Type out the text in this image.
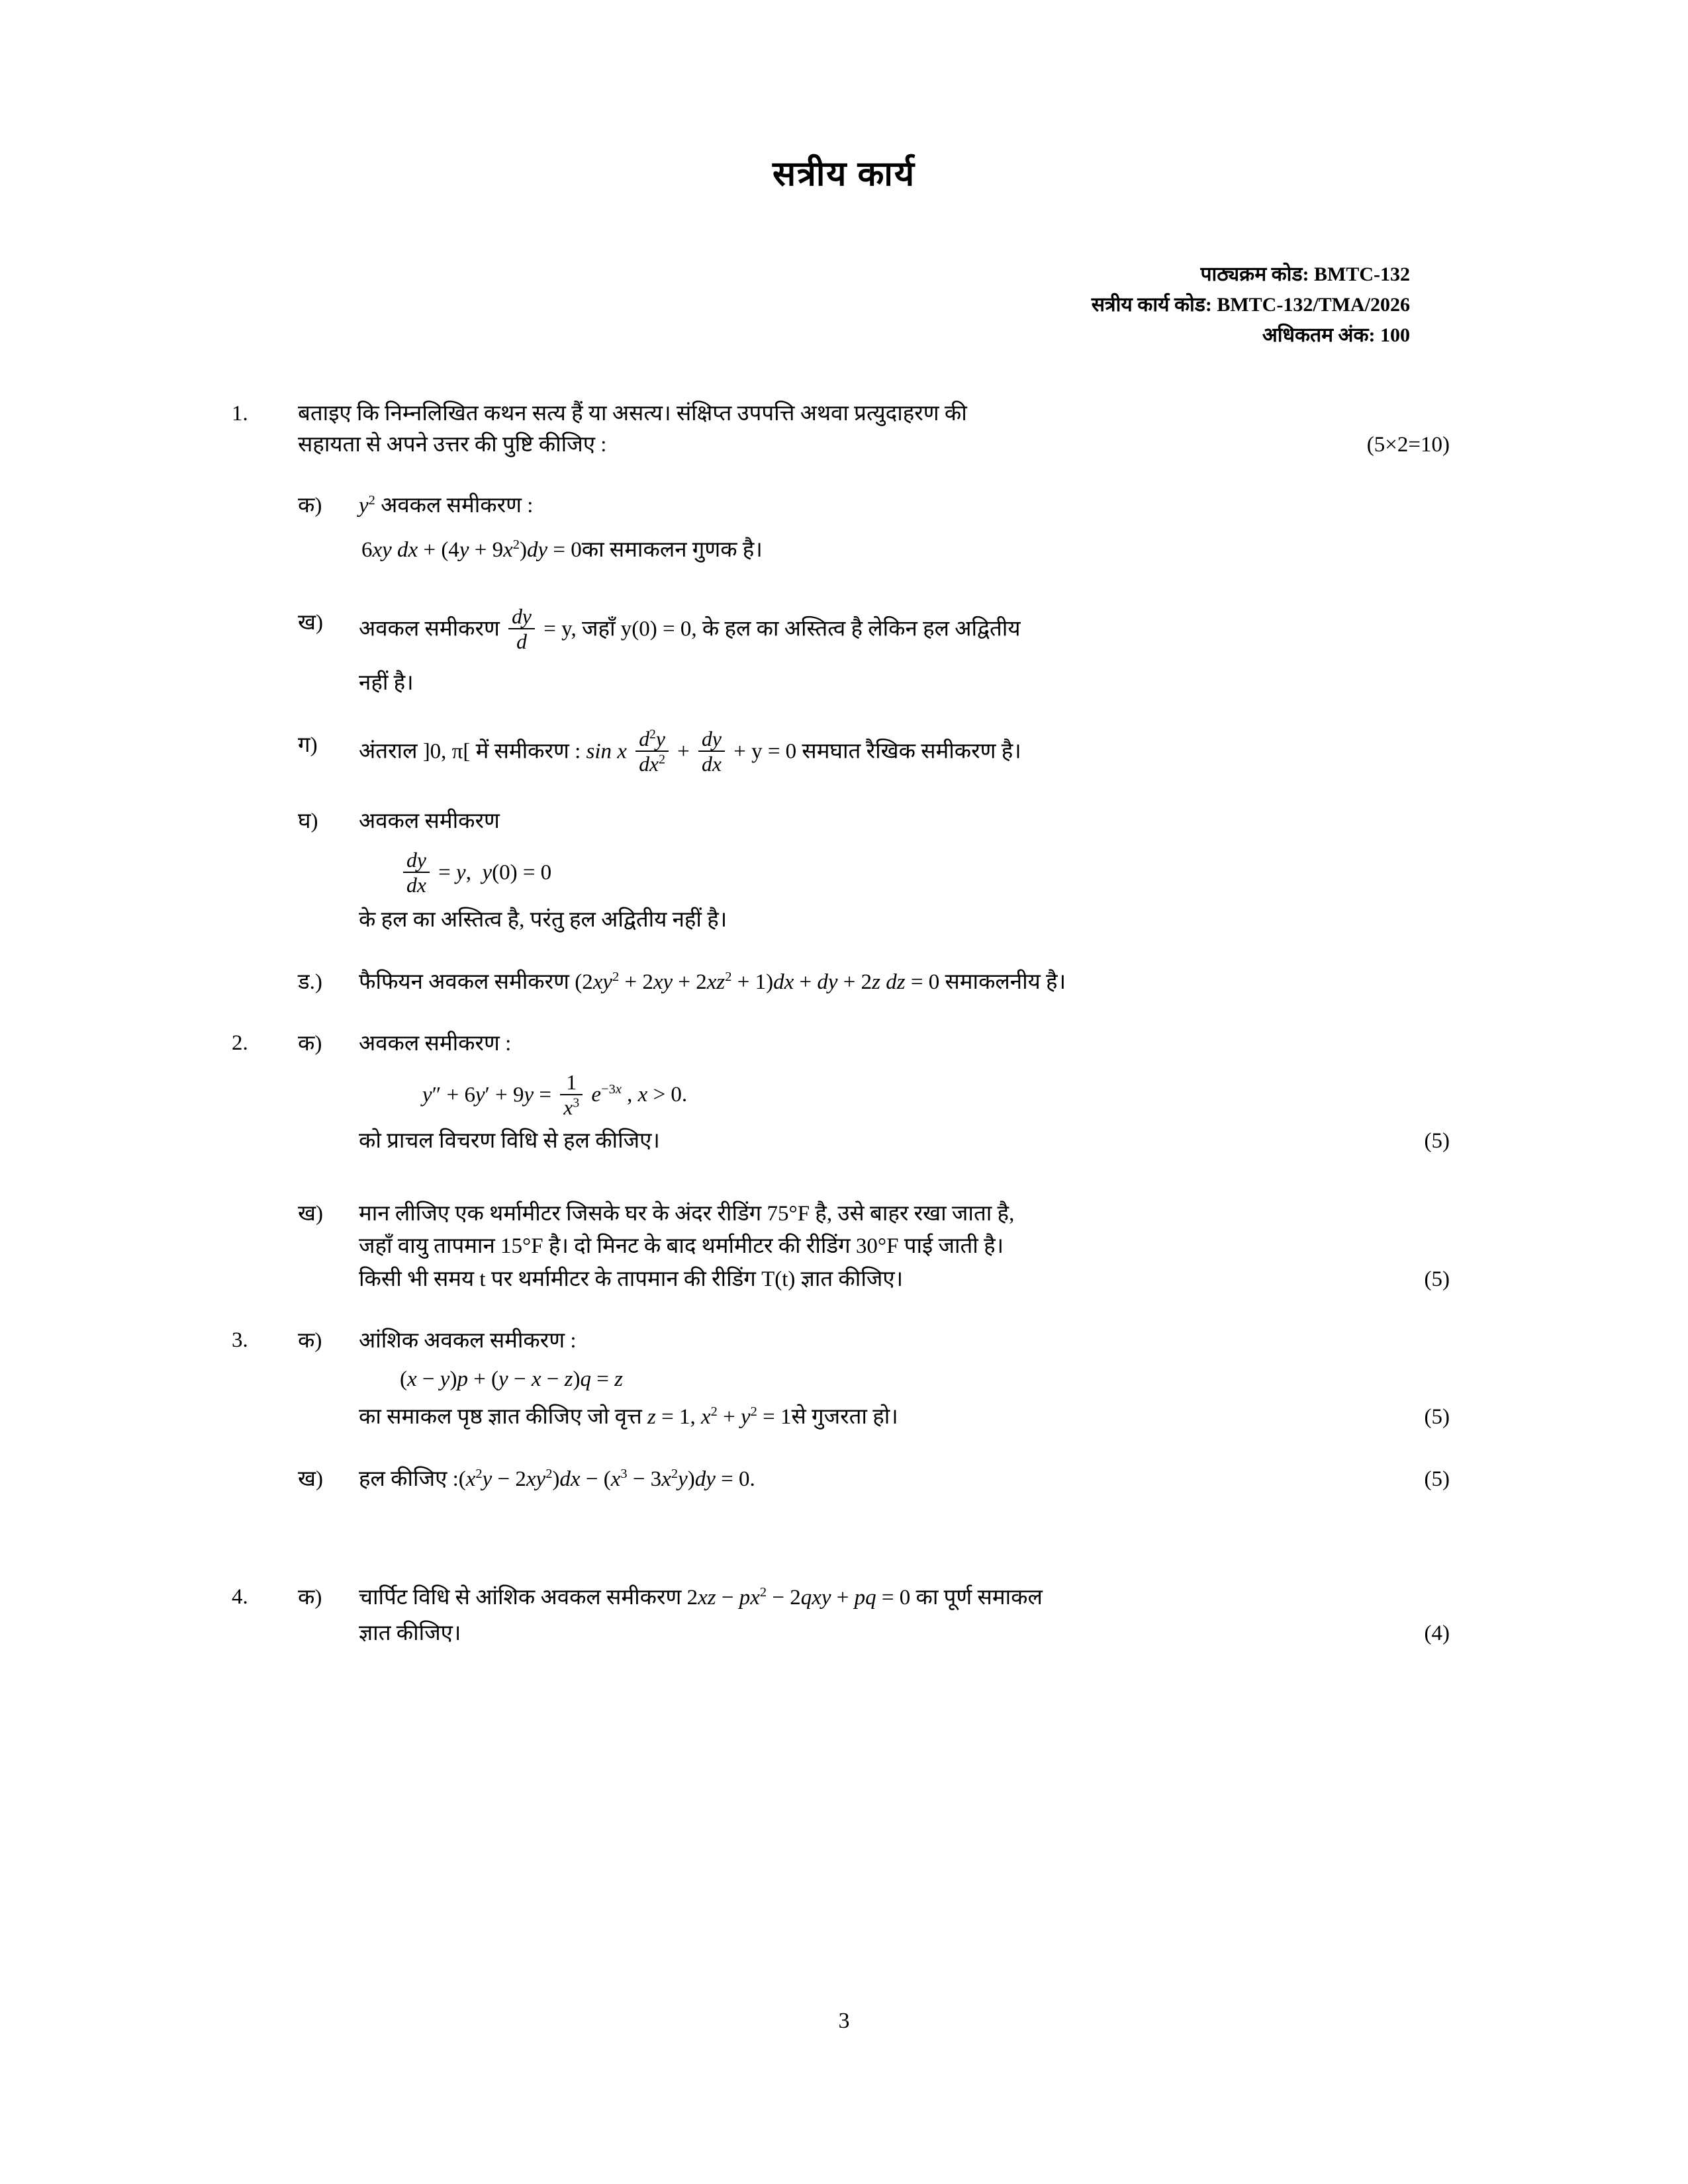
सत्रीय कार्य
पाठ्यक्रम कोड: BMTC-132
सत्रीय कार्य कोड: BMTC-132/TMA/2026
अधिकतम अंक: 100
1.	बताइए कि निम्नलिखित कथन सत्य हैं या असत्य। संक्षिप्त उपपत्ति अथवा प्रत्युदाहरण की
सहायता से अपने उत्तर की पुष्टि कीजिए :	(5×2=10)
क)	$y^2$ अवकल समीकरण :
6xy dx + $(4y + 9x^2)dy$ = 0का समाकलन गुणक है।
ख)	अवकल समीकरण $\frac{dy}{d} = y$, जहाँ y(0) = 0, के हल का अस्तित्व है लेकिन हल अद्वितीय
नहीं है।
ग)	अंतराल ]0, π[ में समीकरण : sin x $\frac{d^2y}{dx^2} + \frac{dy}{dx} + y = 0$ समघात रैखिक समीकरण है।
घ)	अवकल समीकरण
$\frac{dy}{dx} = y$,  y(0) = 0
के हल का अस्तित्व है, परंतु हल अद्वितीय नहीं है।
ड.)	फैफियन अवकल समीकरण $(2xy^2 + 2xy + 2xz^2 + 1)dx$ + dy + 2z dz = 0 समाकलनीय है।
2.	क)	अवकल समीकरण :
$y'' + 6y' + 9y = \frac{1}{x^3} e^{-3x}$ , x > 0.
को प्राचल विचरण विधि से हल कीजिए।	(5)
ख)	मान लीजिए एक थर्मामीटर जिसके घर के अंदर रीडिंग 75°F है, उसे बाहर रखा जाता है,
जहाँ वायु तापमान 15°F है। दो मिनट के बाद थर्मामीटर की रीडिंग 30°F पाई जाती है।
किसी भी समय t पर थर्मामीटर के तापमान की रीडिंग T(t) ज्ञात कीजिए।	(5)
3.	क)	आंशिक अवकल समीकरण :
(x − y)p + (y − x − z)q = z
का समाकल पृष्ठ ज्ञात कीजिए जो वृत्त z = 1, $x^2 + y^2$ = 1से गुजरता हो।	(5)
ख)	हल कीजिए $:(x^2y - 2xy^2)dx - (x^3 - 3x^2y)dy = 0$.	(5)
4.	क)	चार्पिट विधि से आंशिक अवकल समीकरण $2xz - px^2 - 2qxy$ + pq = 0 का पूर्ण समाकल
ज्ञात कीजिए।	(4)
3
